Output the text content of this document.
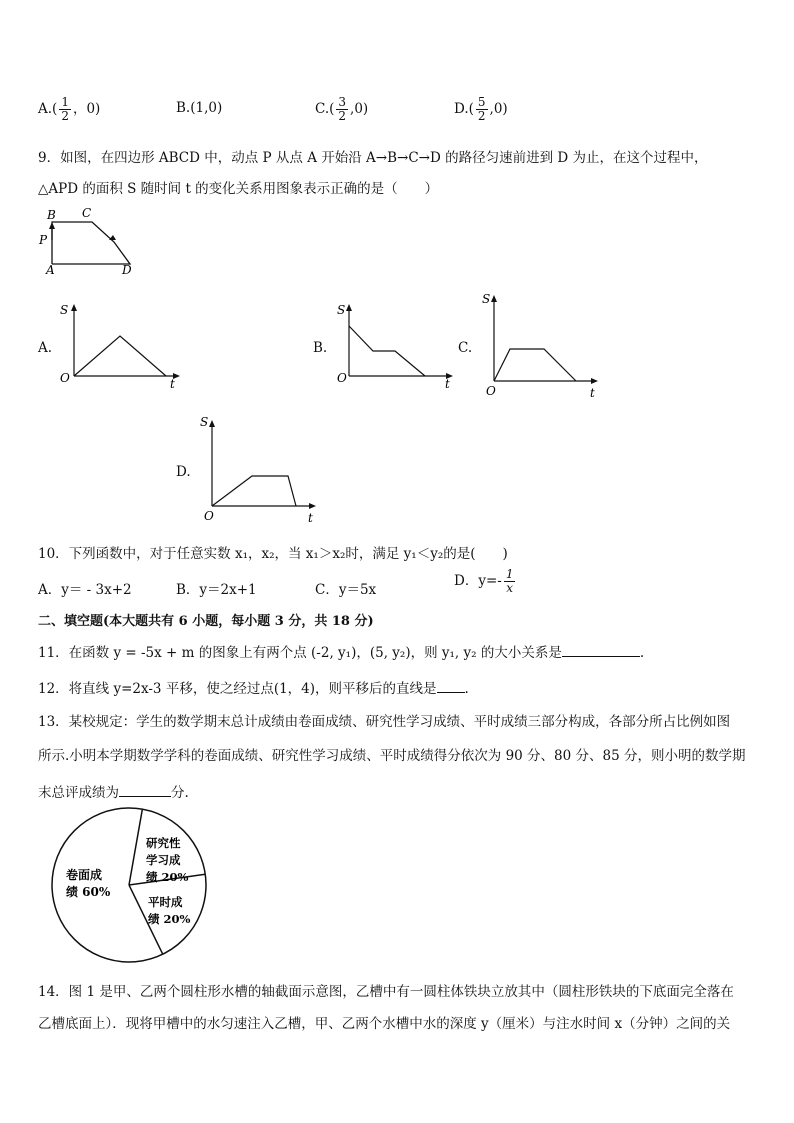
$A.( \frac{1}{2}$ ，0)	B.(1,0)	$C.( \frac{3}{2} ,0)$	$D.( \frac{5}{2} ,0)$
9．如图，在四边形 ABCD 中，动点 P 从点 A 开始沿 A→B→C→D 的路径匀速前进到 D 为止，在这个过程中，
△APD 的面积 S 随时间 t 的变化关系用图象表示正确的是（　　）
B C
P
A	D
A.
S
O	t
B.
S
O	t
C.
S
O	t
D.
S
O	t
10．下列函数中，对于任意实数 x₁，x₂，当 x₁＞x₂时，满足 y₁＜y₂的是(　　)
A．y＝ - 3x+2	B．y＝2x+1	C．y＝5x
D．$y=- \frac{1}{x}$
二、填空题(本大题共有 6 小题，每小题 3 分，共 18 分)
11．在函数 y = -5x + m 的图象上有两个点 (-2, y₁)，(5, y₂)，则 y₁, y₂ 的大小关系是	.
12．将直线 y=2x-3 平移，使之经过点(1，4)，则平移后的直线是 .
13．某校规定：学生的数学期末总计成绩由卷面成绩、研究性学习成绩、平时成绩三部分构成，各部分所占比例如图
所示.小明本学期数学学科的卷面成绩、研究性学习成绩、平时成绩得分依次为 90 分、80 分、85 分，则小明的数学期
末总评成绩为	分.
卷面成
绩 60%
研究性
学习成
绩 20%
平时成
绩 20%
14．图 1 是甲、乙两个圆柱形水槽的轴截面示意图，乙槽中有一圆柱体铁块立放其中（圆柱形铁块的下底面完全落在
乙槽底面上）．现将甲槽中的水匀速注入乙槽，甲、乙两个水槽中水的深度 y（厘米）与注水时间 x（分钟）之间的关
